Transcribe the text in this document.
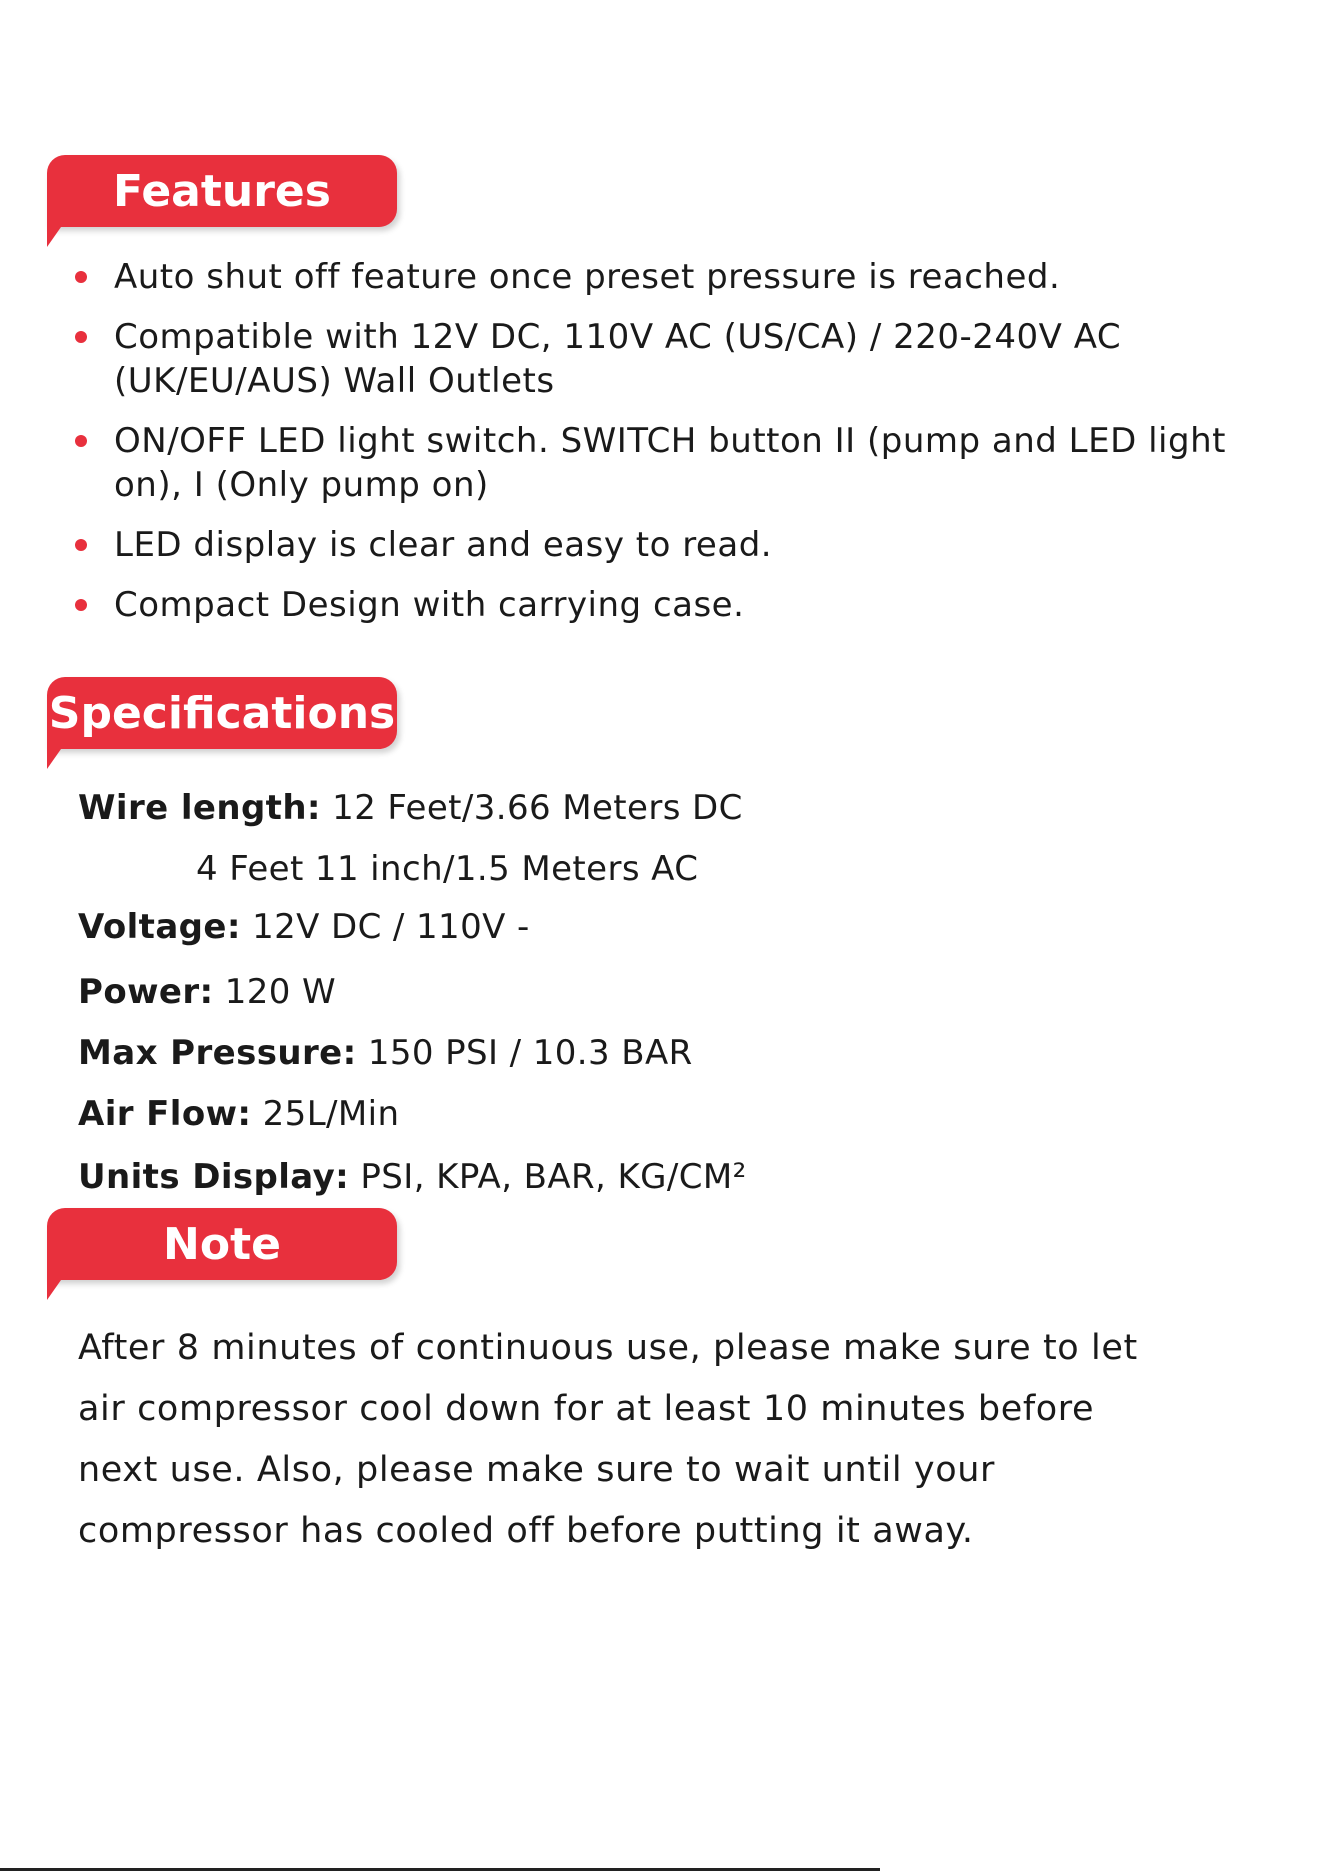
Features
Auto shut off feature once preset pressure is reached.
Compatible with 12V DC, 110V AC (US/CA) / 220-240V AC (UK/EU/AUS) Wall Outlets
ON/OFF LED light switch. SWITCH button II (pump and LED light on), I (Only pump on)
LED display is clear and easy to read.
Compact Design with carrying case.
Specifications
Wire length: 12 Feet/3.66 Meters DC
4 Feet 11 inch/1.5 Meters AC
Voltage: 12V DC / 110V -
Power: 120 W
Max Pressure: 150 PSI / 10.3 BAR
Air Flow: 25L/Min
Units Display: PSI, KPA, BAR, KG/CM²
Note
After 8 minutes of continuous use, please make sure to let
air compressor cool down for at least 10 minutes before
next use. Also, please make sure to wait until your
compressor has cooled off before putting it away.
